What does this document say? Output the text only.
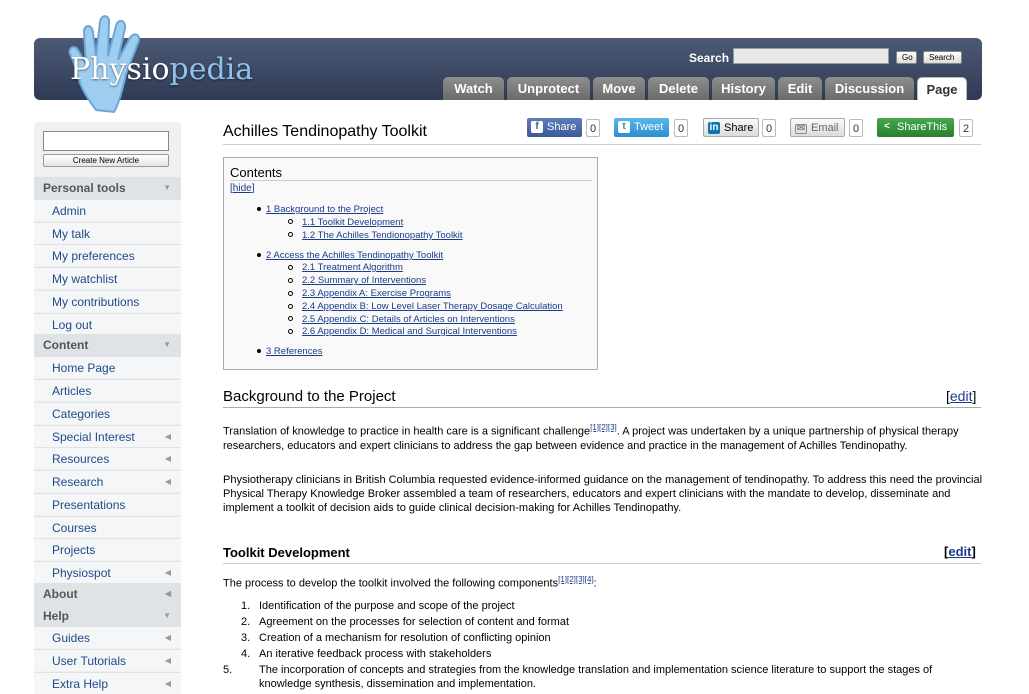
Physiopedia	Search	Go	Search
Watch	Unprotect	Move	Delete	History	Edit	Discussion	Page
Create New Article
Personal tools	▼
Admin
My talk
My preferences
My watchlist
My contributions
Log out
Content	▼
Home Page
Articles
Categories
Special Interest	◀
Resources	◀
Research	◀
Presentations
Courses
Projects
Physiospot	◀
About	◀
Help	▼
Guides	◀
User Tutorials	◀
Extra Help	◀
Achilles Tendinopathy Toolkit	f Share	0	t Tweet	0	in Share	0	✉ Email	0	< ShareThis	2
Contents
[hide]
1 Background to the Project
1.1 Toolkit Development
1.2 The Achilles Tendionopathy Toolkit
2 Access the Achilles Tendinopathy Toolkit
2.1 Treatment Algorithm
2.2 Summary of Interventions
2.3 Appendix A: Exercise Programs
2.4 Appendix B: Low Level Laser Therapy Dosage Calculation
2.5 Appendix C: Details of Articles on Interventions
2.6 Appendix D: Medical and Surgical Interventions
3 References
Background to the Project	[edit]
Translation of knowledge to practice in health care is a significant challenge[1][2][3]. A project was undertaken by a unique partnership of physical therapy researchers, educators and expert clinicians to address the gap between evidence and practice in the management of Achilles Tendinopathy.
Physiotherapy clinicians in British Columbia requested evidence-informed guidance on the management of tendinopathy. To address this need the provincial Physical Therapy Knowledge Broker assembled a team of researchers, educators and expert clinicians with the mandate to develop, disseminate and implement a toolkit of decision aids to guide clinical decision-making for Achilles Tendinopathy.
Toolkit Development	[edit]
The process to develop the toolkit involved the following components[1][2][3][4]:
1. Identification of the purpose and scope of the project
2. Agreement on the processes for selection of content and format
3. Creation of a mechanism for resolution of conflicting opinion
4. An iterative feedback process with stakeholders
5. The incorporation of concepts and strategies from the knowledge translation and implementation science literature to support the stages of knowledge synthesis, dissemination and implementation.
